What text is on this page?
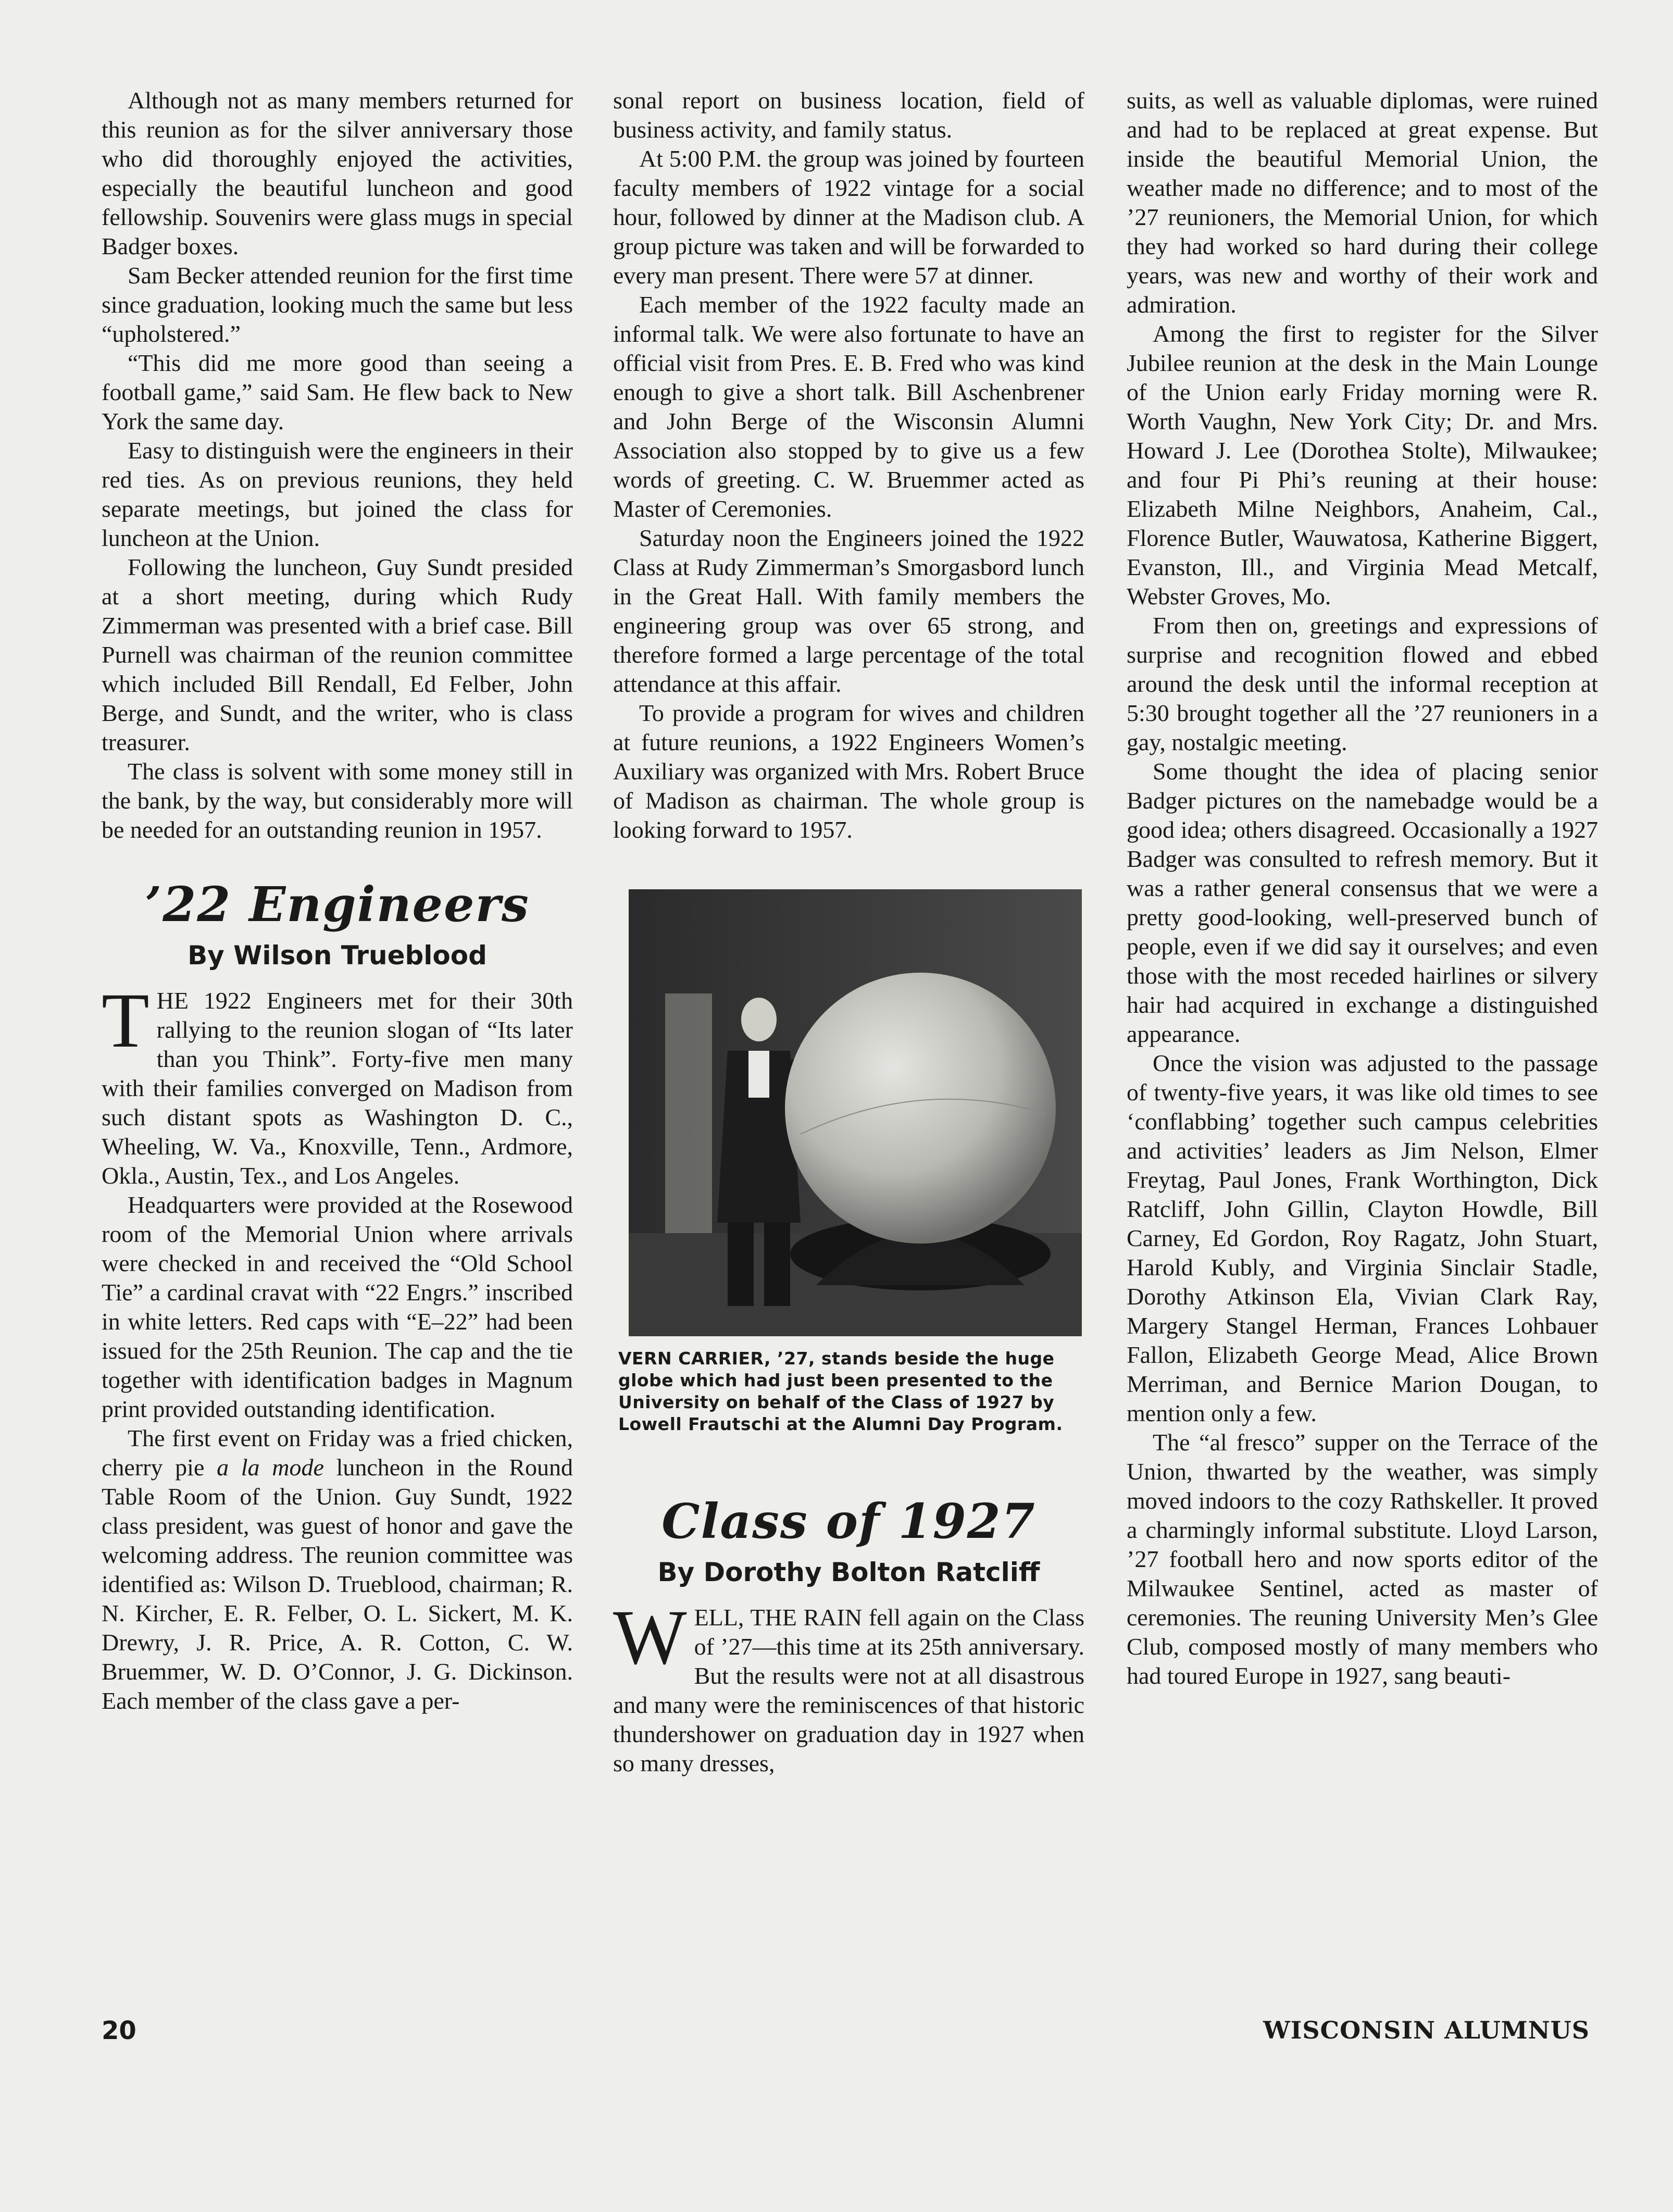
Although not as many members returned for this reunion as for the silver anniversary those who did thoroughly enjoyed the activities, especially the beautiful luncheon and good fellowship. Souvenirs were glass mugs in special Badger boxes.

Sam Becker attended reunion for the first time since graduation, looking much the same but less “upholstered.”

“This did me more good than seeing a football game,” said Sam. He flew back to New York the same day.

Easy to distinguish were the engineers in their red ties. As on previous reunions, they held separate meetings, but joined the class for luncheon at the Union.

Following the luncheon, Guy Sundt presided at a short meeting, during which Rudy Zimmerman was presented with a brief case. Bill Purnell was chairman of the reunion committee which included Bill Rendall, Ed Felber, John Berge, and Sundt, and the writer, who is class treasurer.

The class is solvent with some money still in the bank, by the way, but considerably more will be needed for an outstanding reunion in 1957.

’22 Engineers
By Wilson Trueblood

THE 1922 Engineers met for their 30th rallying to the reunion slogan of “Its later than you Think”. Forty-five men many with their families converged on Madison from such distant spots as Washington D. C., Wheeling, W. Va., Knoxville, Tenn., Ardmore, Okla., Austin, Tex., and Los Angeles.

Headquarters were provided at the Rosewood room of the Memorial Union where arrivals were checked in and received the “Old School Tie” a cardinal cravat with “22 Engrs.” inscribed in white letters. Red caps with “E–22” had been issued for the 25th Reunion. The cap and the tie together with identification badges in Magnum print provided outstanding identification.

The first event on Friday was a fried chicken, cherry pie a la mode luncheon in the Round Table Room of the Union. Guy Sundt, 1922 class president, was guest of honor and gave the welcoming address. The reunion committee was identified as: Wilson D. Trueblood, chairman; R. N. Kircher, E. R. Felber, O. L. Sickert, M. K. Drewry, J. R. Price, A. R. Cotton, C. W. Bruemmer, W. D. O’Connor, J. G. Dickinson. Each member of the class gave a per-

sonal report on business location, field of business activity, and family status.

At 5:00 P.M. the group was joined by fourteen faculty members of 1922 vintage for a social hour, followed by dinner at the Madison club. A group picture was taken and will be forwarded to every man present. There were 57 at dinner.

Each member of the 1922 faculty made an informal talk. We were also fortunate to have an official visit from Pres. E. B. Fred who was kind enough to give a short talk. Bill Aschenbrener and John Berge of the Wisconsin Alumni Association also stopped by to give us a few words of greeting. C. W. Bruemmer acted as Master of Ceremonies.

Saturday noon the Engineers joined the 1922 Class at Rudy Zimmerman’s Smorgasbord lunch in the Great Hall. With family members the engineering group was over 65 strong, and therefore formed a large percentage of the total attendance at this affair.

To provide a program for wives and children at future reunions, a 1922 Engineers Women’s Auxiliary was organized with Mrs. Robert Bruce of Madison as chairman. The whole group is looking forward to 1957.

VERN CARRIER, ’27, stands beside the huge globe which had just been presented to the University on behalf of the Class of 1927 by Lowell Frautschi at the Alumni Day Program.
Class of 1927
By Dorothy Bolton Ratcliff

WELL, THE RAIN fell again on the Class of ’27—this time at its 25th anniversary. But the results were not at all disastrous and many were the reminiscences of that historic thundershower on graduation day in 1927 when so many dresses,

suits, as well as valuable diplomas, were ruined and had to be replaced at great expense. But inside the beautiful Memorial Union, the weather made no difference; and to most of the ’27 reunioners, the Memorial Union, for which they had worked so hard during their college years, was new and worthy of their work and admiration.

Among the first to register for the Silver Jubilee reunion at the desk in the Main Lounge of the Union early Friday morning were R. Worth Vaughn, New York City; Dr. and Mrs. Howard J. Lee (Dorothea Stolte), Milwaukee; and four Pi Phi’s reuning at their house: Elizabeth Milne Neighbors, Anaheim, Cal., Florence Butler, Wauwatosa, Katherine Biggert, Evanston, Ill., and Virginia Mead Metcalf, Webster Groves, Mo.

From then on, greetings and expressions of surprise and recognition flowed and ebbed around the desk until the informal reception at 5:30 brought together all the ’27 reunioners in a gay, nostalgic meeting.

Some thought the idea of placing senior Badger pictures on the namebadge would be a good idea; others disagreed. Occasionally a 1927 Badger was consulted to refresh memory. But it was a rather general consensus that we were a pretty good-looking, well-preserved bunch of people, even if we did say it ourselves; and even those with the most receded hairlines or silvery hair had acquired in exchange a distinguished appearance.

Once the vision was adjusted to the passage of twenty-five years, it was like old times to see ‘conflabbing’ together such campus celebrities and activities’ leaders as Jim Nelson, Elmer Freytag, Paul Jones, Frank Worthington, Dick Ratcliff, John Gillin, Clayton Howdle, Bill Carney, Ed Gordon, Roy Ragatz, John Stuart, Harold Kubly, and Virginia Sinclair Stadle, Dorothy Atkinson Ela, Vivian Clark Ray, Margery Stangel Herman, Frances Lohbauer Fallon, Elizabeth George Mead, Alice Brown Merriman, and Bernice Marion Dougan, to mention only a few.

The “al fresco” supper on the Terrace of the Union, thwarted by the weather, was simply moved indoors to the cozy Rathskeller. It proved a charmingly informal substitute. Lloyd Larson, ’27 football hero and now sports editor of the Milwaukee Sentinel, acted as master of ceremonies. The reuning University Men’s Glee Club, composed mostly of many members who had toured Europe in 1927, sang beauti-

20	WISCONSIN ALUMNUS
